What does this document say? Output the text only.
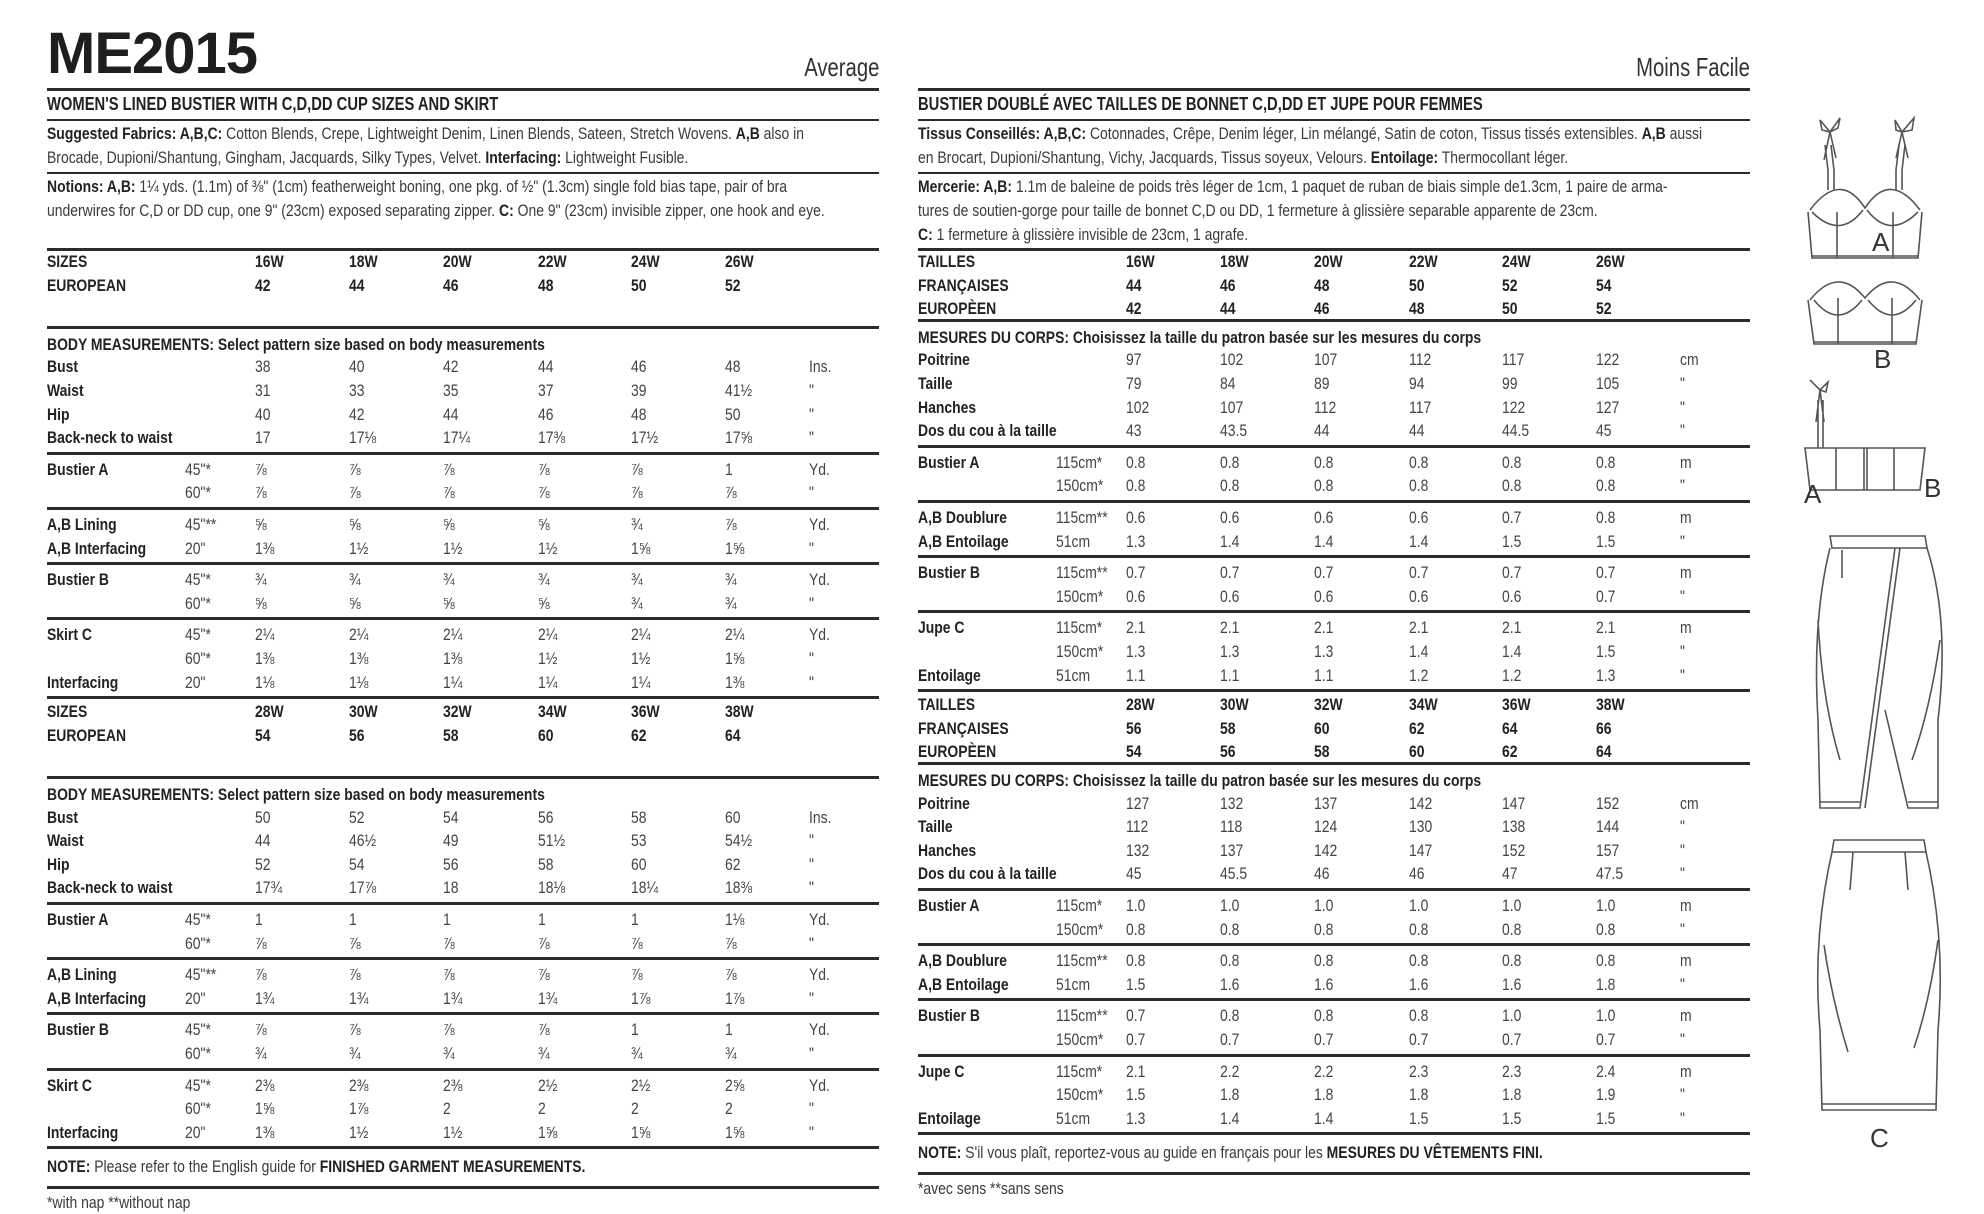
ME2015	Average
WOMEN'S LINED BUSTIER WITH C,D,DD CUP SIZES AND SKIRT
Suggested Fabrics: A,B,C: Cotton Blends, Crepe, Lightweight Denim, Linen Blends, Sateen, Stretch Wovens. A,B also in
Brocade, Dupioni/Shantung, Gingham, Jacquards, Silky Types, Velvet. Interfacing: Lightweight Fusible.
Notions: A,B: 1¼ yds. (1.1m) of ⅜" (1cm) featherweight boning, one pkg. of ½" (1.3cm) single fold bias tape, pair of bra
underwires for C,D or DD cup, one 9" (23cm) exposed separating zipper. C: One 9" (23cm) invisible zipper, one hook and eye.
SIZES	16W	18W	20W	22W	24W	26W
EUROPEAN	42	44	46	48	50	52
BODY MEASUREMENTS: Select pattern size based on body measurements
Bust	38	40	42	44	46	48	Ins.
Waist	31	33	35	37	39	41½	"
Hip	40	42	44	46	48	50	"
Back-neck to waist	17	17⅛	17¼	17⅜	17½	17⅝	"
Bustier A	45"*	⅞	⅞	⅞	⅞	⅞	1	Yd.
60"*	⅞	⅞	⅞	⅞	⅞	⅞	"
A,B Lining	45"** ⅝	⅝	⅝	⅝	¾	⅞	Yd.
A,B Interfacing 20"	1⅜	1½	1½	1½	1⅝	1⅝	"
Bustier B	45"*	¾	¾	¾	¾	¾	¾	Yd.
60"*	⅝	⅝	⅝	⅝	¾	¾	"
Skirt C	45"*	2¼	2¼	2¼	2¼	2¼	2¼	Yd.
60"*	1⅜	1⅜	1⅜	1½	1½	1⅝	"
Interfacing	20"	1⅛	1⅛	1¼	1¼	1¼	1⅜	"
SIZES	28W	30W	32W	34W	36W	38W
EUROPEAN	54	56	58	60	62	64
BODY MEASUREMENTS: Select pattern size based on body measurements
Bust	50	52	54	56	58	60	Ins.
Waist	44	46½	49	51½	53	54½	"
Hip	52	54	56	58	60	62	"
Back-neck to waist	17¾	17⅞	18	18⅛	18¼	18⅜	"
Bustier A	45"*	1	1	1	1	1	1⅛	Yd.
60"*	⅞	⅞	⅞	⅞	⅞	⅞	"
A,B Lining	45"** ⅞	⅞	⅞	⅞	⅞	⅞	Yd.
A,B Interfacing 20"	1¾	1¾	1¾	1¾	1⅞	1⅞	"
Bustier B	45"*	⅞	⅞	⅞	⅞	1	1	Yd.
60"*	¾	¾	¾	¾	¾	¾	"
Skirt C	45"*	2⅜	2⅜	2⅜	2½	2½	2⅝	Yd.
60"*	1⅝	1⅞	2	2	2	2	"
Interfacing	20"	1⅜	1½	1½	1⅝	1⅝	1⅝	"
NOTE: Please refer to the English guide for FINISHED GARMENT MEASUREMENTS.
*with nap **without nap
Moins Facile
BUSTIER DOUBLÉ AVEC TAILLES DE BONNET C,D,DD ET JUPE POUR FEMMES
Tissus Conseillés: A,B,C: Cotonnades, Crêpe, Denim léger, Lin mélangé, Satin de coton, Tissus tissés extensibles. A,B aussi
en Brocart, Dupioni/Shantung, Vichy, Jacquards, Tissus soyeux, Velours. Entoilage: Thermocollant léger.
Mercerie: A,B: 1.1m de baleine de poids très léger de 1cm, 1 paquet de ruban de biais simple de1.3cm, 1 paire de arma-
tures de soutien-gorge pour taille de bonnet C,D ou DD, 1 fermeture à glissière separable apparente de 23cm.
C: 1 fermeture à glissière invisible de 23cm, 1 agrafe.
TAILLES	16W	18W	20W	22W	24W	26W
FRANÇAISES	44	46	48	50	52	54
EUROPÈEN	42	44	46	48	50	52
MESURES DU CORPS: Choisissez la taille du patron basée sur les mesures du corps
Poitrine	97	102	107	112	117	122	cm
Taille	79	84	89	94	99	105	"
Hanches	102	107	112	117	122	127	"
Dos du cou à la taille	43	43.5	44	44	44.5	45	"
Bustier A	115cm* 0.8	0.8	0.8	0.8	0.8	0.8	m
150cm* 0.8	0.8	0.8	0.8	0.8	0.8	"
A,B Doublure	115cm** 0.6	0.6	0.6	0.6	0.7	0.8	m
A,B Entoilage	51cm 1.3	1.4	1.4	1.4	1.5	1.5	"
Bustier B	115cm** 0.7	0.7	0.7	0.7	0.7	0.7	m
150cm* 0.6	0.6	0.6	0.6	0.6	0.7	"
Jupe C	115cm* 2.1	2.1	2.1	2.1	2.1	2.1	m
150cm* 1.3	1.3	1.3	1.4	1.4	1.5	"
Entoilage	51cm 1.1	1.1	1.1	1.2	1.2	1.3	"
TAILLES	28W	30W	32W	34W	36W	38W
FRANÇAISES	56	58	60	62	64	66
EUROPÈEN	54	56	58	60	62	64
MESURES DU CORPS: Choisissez la taille du patron basée sur les mesures du corps
Poitrine	127	132	137	142	147	152	cm
Taille	112	118	124	130	138	144	"
Hanches	132	137	142	147	152	157	"
Dos du cou à la taille	45	45.5	46	46	47	47.5	"
Bustier A	115cm* 1.0	1.0	1.0	1.0	1.0	1.0	m
150cm* 0.8	0.8	0.8	0.8	0.8	0.8	"
A,B Doublure	115cm** 0.8	0.8	0.8	0.8	0.8	0.8	m
A,B Entoilage	51cm 1.5	1.6	1.6	1.6	1.6	1.8	"
Bustier B	115cm** 0.7	0.8	0.8	0.8	1.0	1.0	m
150cm* 0.7	0.7	0.7	0.7	0.7	0.7	"
Jupe C	115cm* 2.1	2.2	2.2	2.3	2.3	2.4	m
150cm* 1.5	1.8	1.8	1.8	1.8	1.9	"
Entoilage	51cm 1.3	1.4	1.4	1.5	1.5	1.5	"
NOTE: S'il vous plaît, reportez-vous au guide en français pour les MESURES DU VÊTEMENTS FINI.
*avec sens **sans sens
A
B
A	B
C
